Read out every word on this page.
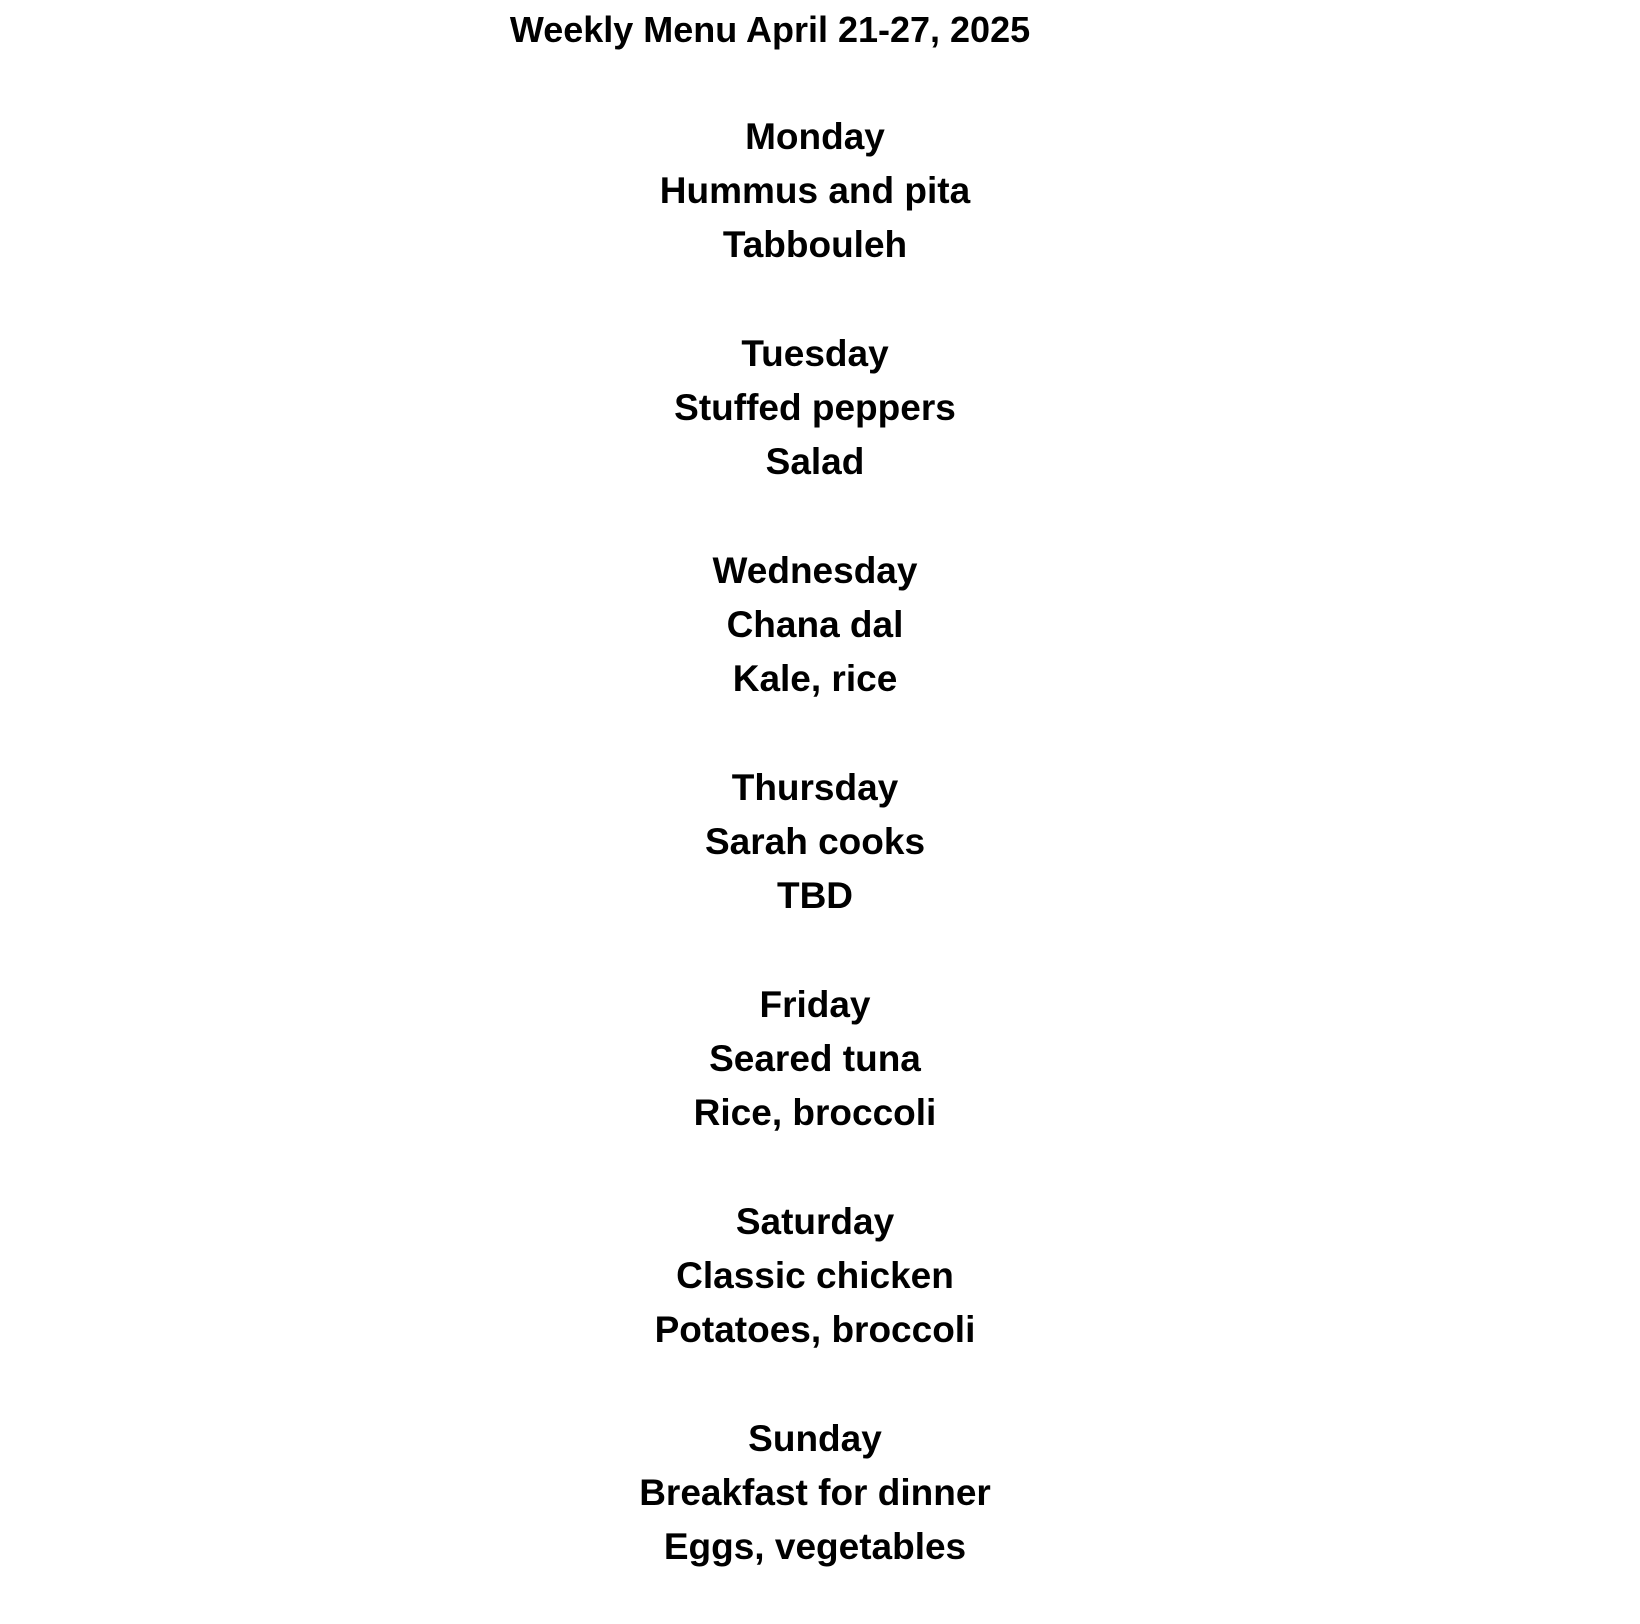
Weekly Menu April 21-27, 2025
Monday
Hummus and pita
Tabbouleh
Tuesday
Stuffed peppers
Salad
Wednesday
Chana dal
Kale, rice
Thursday
Sarah cooks
TBD
Friday
Seared tuna
Rice, broccoli
Saturday
Classic chicken
Potatoes, broccoli
Sunday
Breakfast for dinner
Eggs, vegetables
